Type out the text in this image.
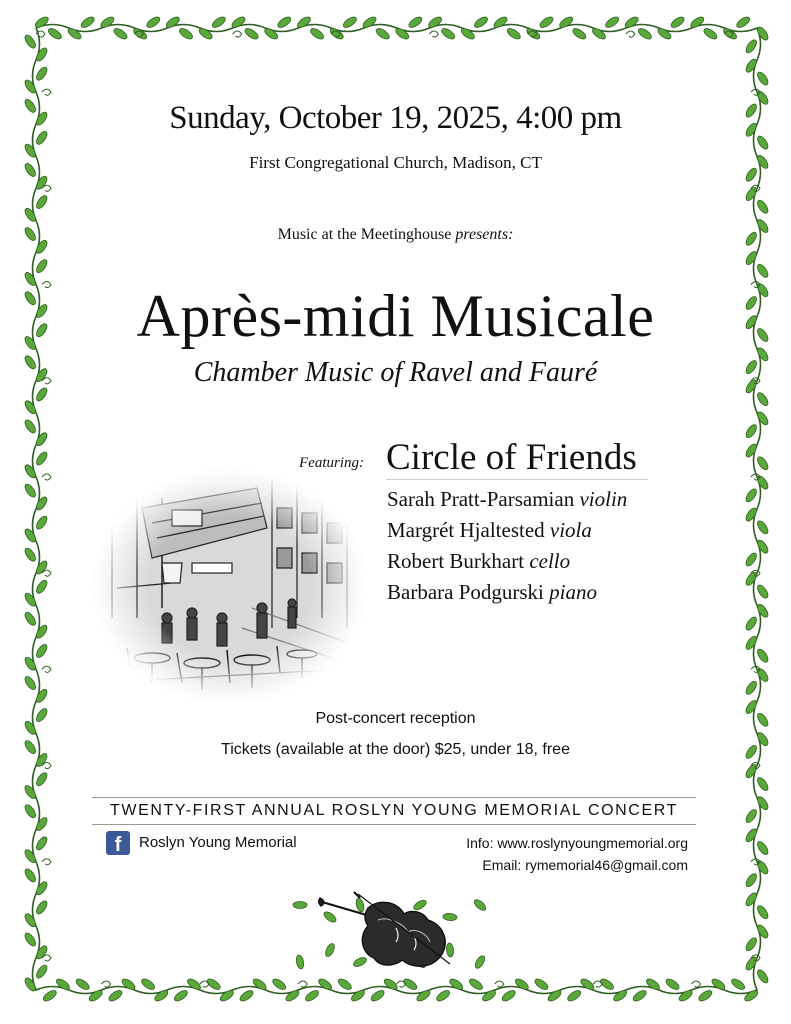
Sunday, October 19, 2025, 4:00 pm
First Congregational Church, Madison, CT
Music at the Meetinghouse presents:
Après-midi Musicale
Chamber Music of Ravel and Fauré
Featuring: Circle of Friends
Sarah Pratt-Parsamian violin
Margrét Hjaltested viola
Robert Burkhart cello
Barbara Podgurski piano
Post-concert reception
Tickets (available at the door) $25, under 18, free
TWENTY-FIRST ANNUAL ROSLYN YOUNG MEMORIAL CONCERT
f	Roslyn Young Memorial	Info: www.roslynyoungmemorial.org
Email: rymemorial46@gmail.com
